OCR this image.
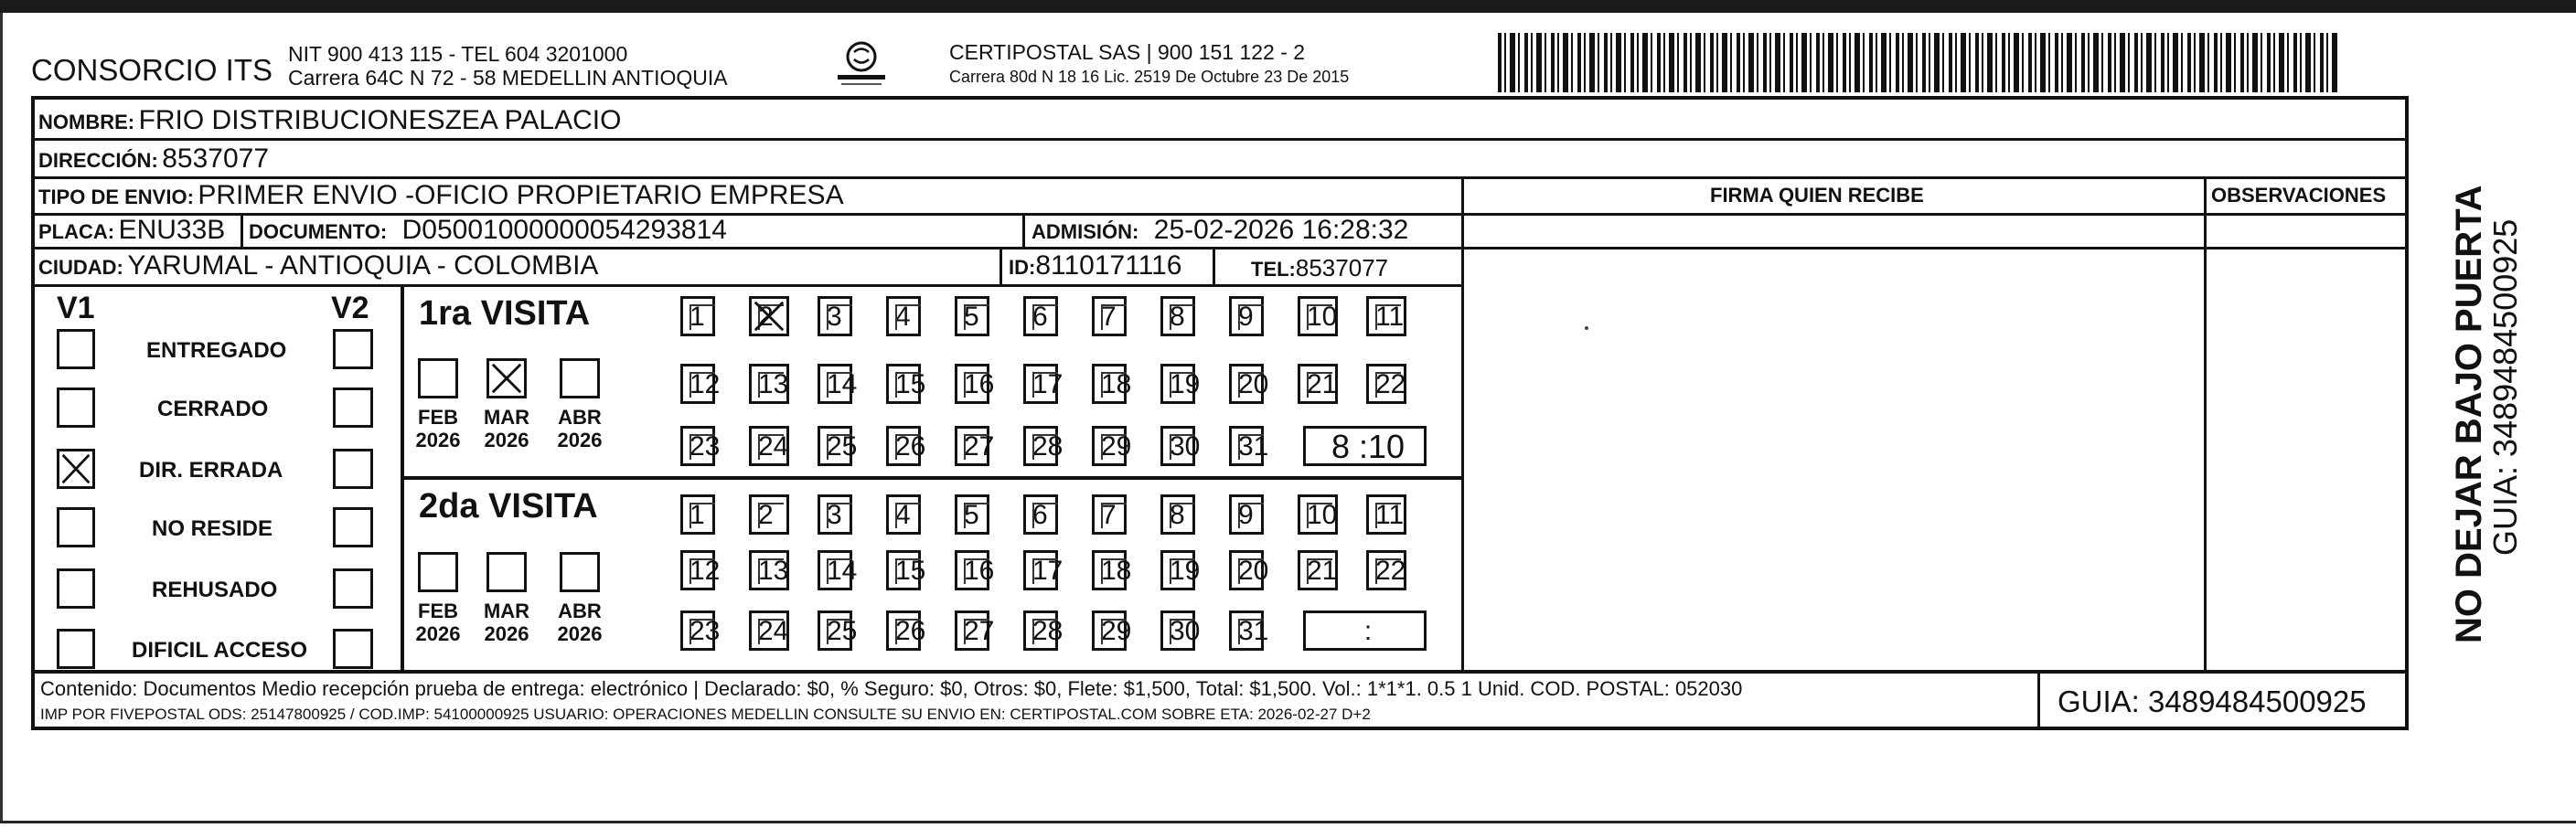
CONSORCIO ITS NIT 900 413 115 - TEL 604 3201000
Carrera 64C N 72 - 58 MEDELLIN ANTIOQUIA
CERTIPOSTAL SAS | 900 151 122 - 2
Carrera 80d N 18 16 Lic. 2519 De Octubre 23 De 2015
NOMBRE: FRIO DISTRIBUCIONESZEA PALACIO
DIRECCIÓN: 8537077
TIPO DE ENVIO: PRIMER ENVIO -OFICIO PROPIETARIO EMPRESA	FIRMA QUIEN RECIBE	OBSERVACIONES
PLACA: ENU33B DOCUMENTO: D05001000000054293814	ADMISIÓN: 25-02-2026 16:28:32
CIUDAD: YARUMAL - ANTIOQUIA - COLOMBIA	ID:8110171116	TEL:8537077
V1	V2
ENTREGADO
CERRADO
DIR. ERRADA
NO RESIDE
REHUSADO
DIFICIL ACCESO
1ra VISITA
2da VISITA
FEB
2026
MAR
2026
ABR
2026
1	2	3	4	5	6	7	8	9	10	11
12	13	14	15	16	17	18	19	20	21	22
23	24	25	26	27	28	29	30	31	8 :10
FEB
2026
MAR
2026
ABR
2026
1	2	3	4	5	6	7	8	9	10	11
12	13	14	15	16	17	18	19	20	21	22
23	24	25	26	27	28	29	30	31	:
Contenido: Documentos Medio recepción prueba de entrega: electrónico | Declarado: $0, % Seguro: $0, Otros: $0, Flete: $1,500, Total: $1,500. Vol.: 1*1*1. 0.5 1 Unid. COD. POSTAL: 052030
IMP POR FIVEPOSTAL ODS: 25147800925 / COD.IMP: 54100000925 USUARIO: OPERACIONES MEDELLIN CONSULTE SU ENVIO EN: CERTIPOSTAL.COM SOBRE ETA: 2026-02-27 D+2	GUIA: 3489484500925
NO DEJAR BAJO PUERTA
GUIA: 3489484500925
